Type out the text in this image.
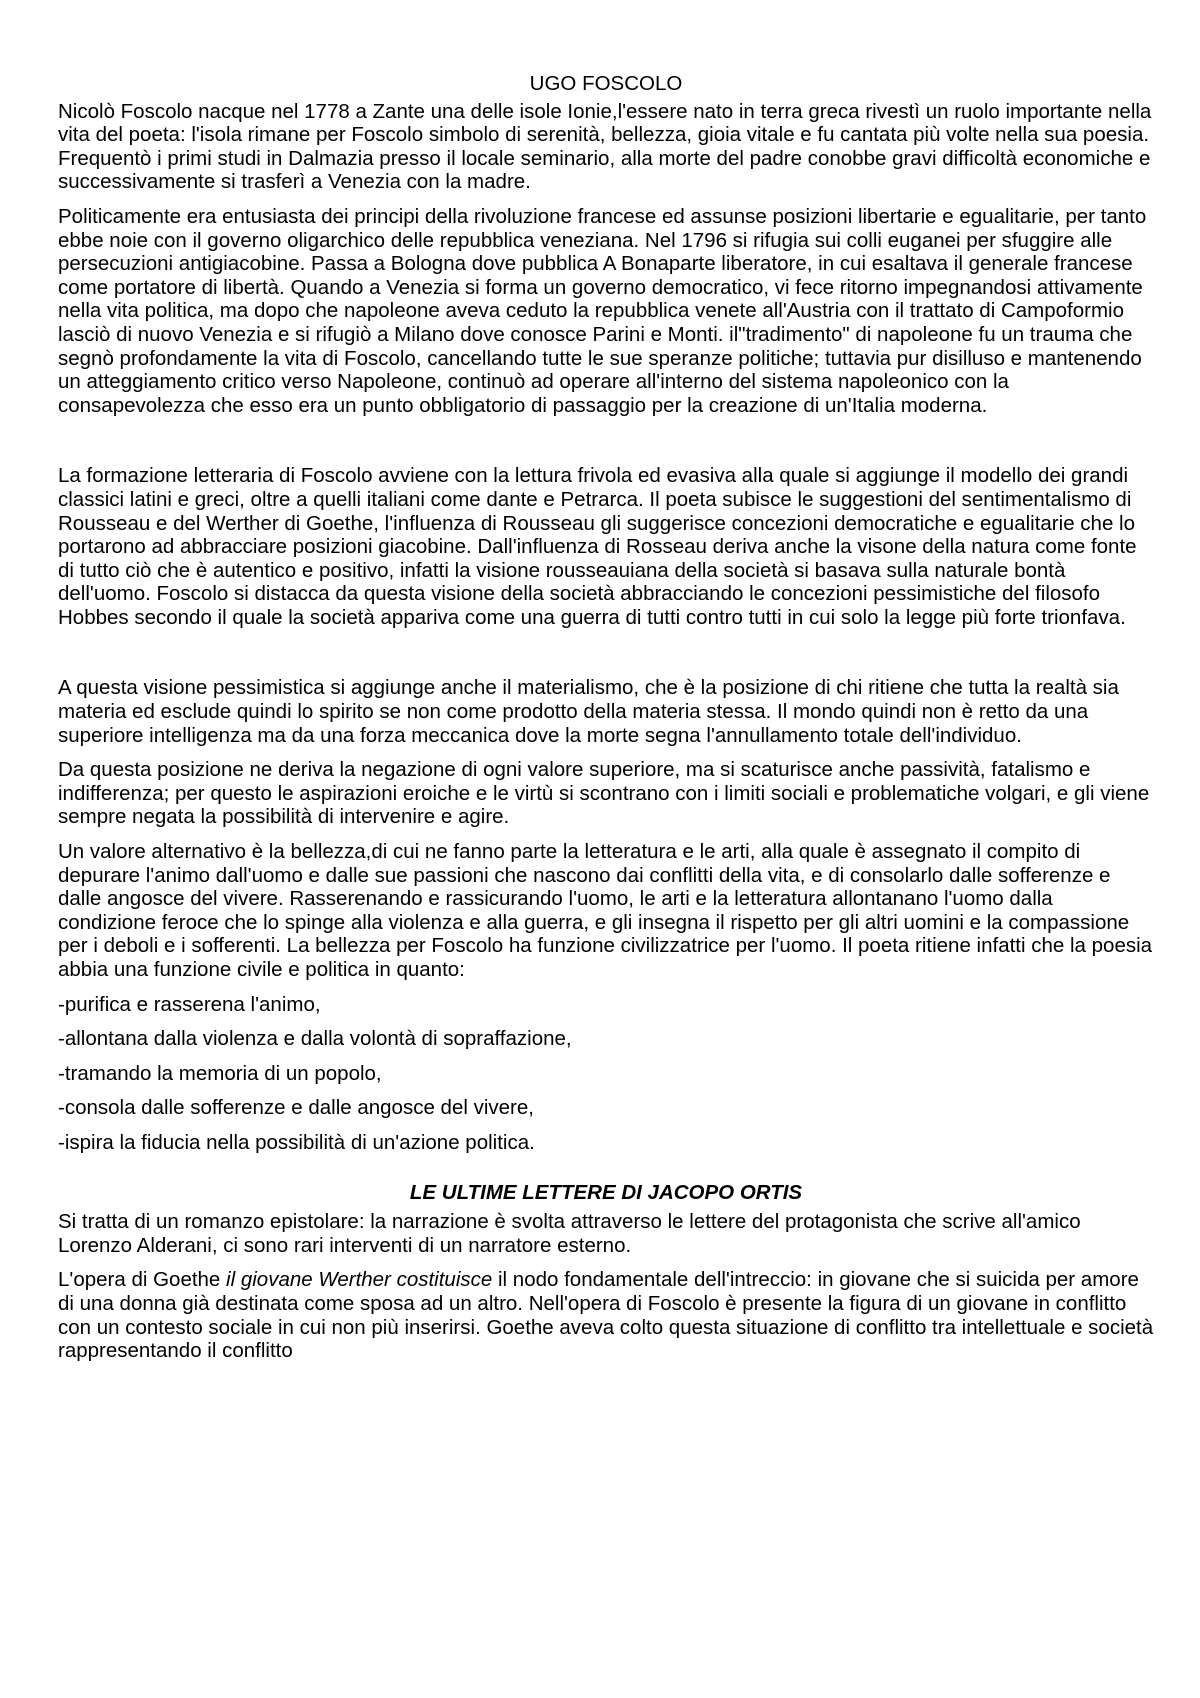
UGO FOSCOLO

Nicolò Foscolo nacque nel 1778 a Zante una delle isole Ionie,l'essere nato in terra greca rivestì un ruolo importante nella vita del poeta: l'isola rimane per Foscolo simbolo di serenità, bellezza, gioia vitale e fu cantata più volte nella sua poesia. Frequentò i primi studi in Dalmazia presso il locale seminario, alla morte del padre conobbe gravi difficoltà economiche e successivamente si trasferì a Venezia con la madre.

Politicamente era entusiasta dei principi della rivoluzione francese ed assunse posizioni libertarie e egualitarie, per tanto ebbe noie con il governo oligarchico delle repubblica veneziana. Nel 1796 si rifugia sui colli euganei per sfuggire alle persecuzioni antigiacobine. Passa a Bologna dove pubblica A Bonaparte liberatore, in cui esaltava il generale francese come portatore di libertà. Quando a Venezia si forma un governo democratico, vi fece ritorno impegnandosi attivamente nella vita politica, ma dopo che napoleone aveva ceduto la repubblica venete all'Austria con il trattato di Campoformio lasciò di nuovo Venezia e si rifugiò a Milano dove conosce Parini e Monti. il"tradimento" di napoleone fu un trauma che segnò profondamente la vita di Foscolo, cancellando tutte le sue speranze politiche; tuttavia pur disilluso e mantenendo un atteggiamento critico verso Napoleone, continuò ad operare all'interno del sistema napoleonico con la consapevolezza che esso era un punto obbligatorio di passaggio per la creazione di un'Italia moderna.

La formazione letteraria di Foscolo avviene con la lettura frivola ed evasiva alla quale si aggiunge il modello dei grandi classici latini e greci, oltre a quelli italiani come dante e Petrarca. Il poeta subisce le suggestioni del sentimentalismo di Rousseau e del Werther di Goethe, l'influenza di Rousseau gli suggerisce concezioni democratiche e egualitarie che lo portarono ad abbracciare posizioni giacobine. Dall'influenza di Rosseau deriva anche la visone della natura come fonte di tutto ciò che è autentico e positivo, infatti la visione rousseauiana della società si basava sulla naturale bontà dell'uomo. Foscolo si distacca da questa visione della società abbracciando le concezioni pessimistiche del filosofo Hobbes secondo il quale la società appariva come una guerra di tutti contro tutti in cui solo la legge più forte trionfava.

A questa visione pessimistica si aggiunge anche il materialismo, che è la posizione di chi ritiene che tutta la realtà sia materia ed esclude quindi lo spirito se non come prodotto della materia stessa. Il mondo quindi non è retto da una superiore intelligenza ma da una forza meccanica dove la morte segna l'annullamento totale dell'individuo.

Da questa posizione ne deriva la negazione di ogni valore superiore, ma si scaturisce anche passività, fatalismo e indifferenza; per questo le aspirazioni eroiche e le virtù si scontrano con i limiti sociali e problematiche volgari, e gli viene sempre negata la possibilità di intervenire e agire.

Un valore alternativo è la bellezza,di cui ne fanno parte la letteratura e le arti, alla quale è assegnato il compito di depurare l'animo dall'uomo e dalle sue passioni che nascono dai conflitti della vita, e di consolarlo dalle sofferenze e dalle angosce del vivere. Rasserenando e rassicurando l'uomo, le arti e la letteratura allontanano l'uomo dalla condizione feroce che lo spinge alla violenza e alla guerra, e gli insegna il rispetto per gli altri uomini e la compassione per i deboli e i sofferenti. La bellezza per Foscolo ha funzione civilizzatrice per l'uomo. Il poeta ritiene infatti che la poesia abbia una funzione civile e politica in quanto:

-purifica e rasserena l'animo,
-allontana dalla violenza e dalla volontà di sopraffazione,
-tramando la memoria di un popolo,
-consola dalle sofferenze e dalle angosce del vivere,
-ispira la fiducia nella possibilità di un'azione politica.
LE ULTIME LETTERE DI JACOPO ORTIS

Si tratta di un romanzo epistolare: la narrazione è svolta attraverso le lettere del protagonista che scrive all'amico Lorenzo Alderani, ci sono rari interventi di un narratore esterno.

L'opera di Goethe il giovane Werther costituisce il nodo fondamentale dell'intreccio: in giovane che si suicida per amore di una donna già destinata come sposa ad un altro. Nell'opera di Foscolo è presente la figura di un giovane in conflitto con un contesto sociale in cui non più inserirsi. Goethe aveva colto questa situazione di conflitto tra intellettuale e società rappresentando il conflitto
